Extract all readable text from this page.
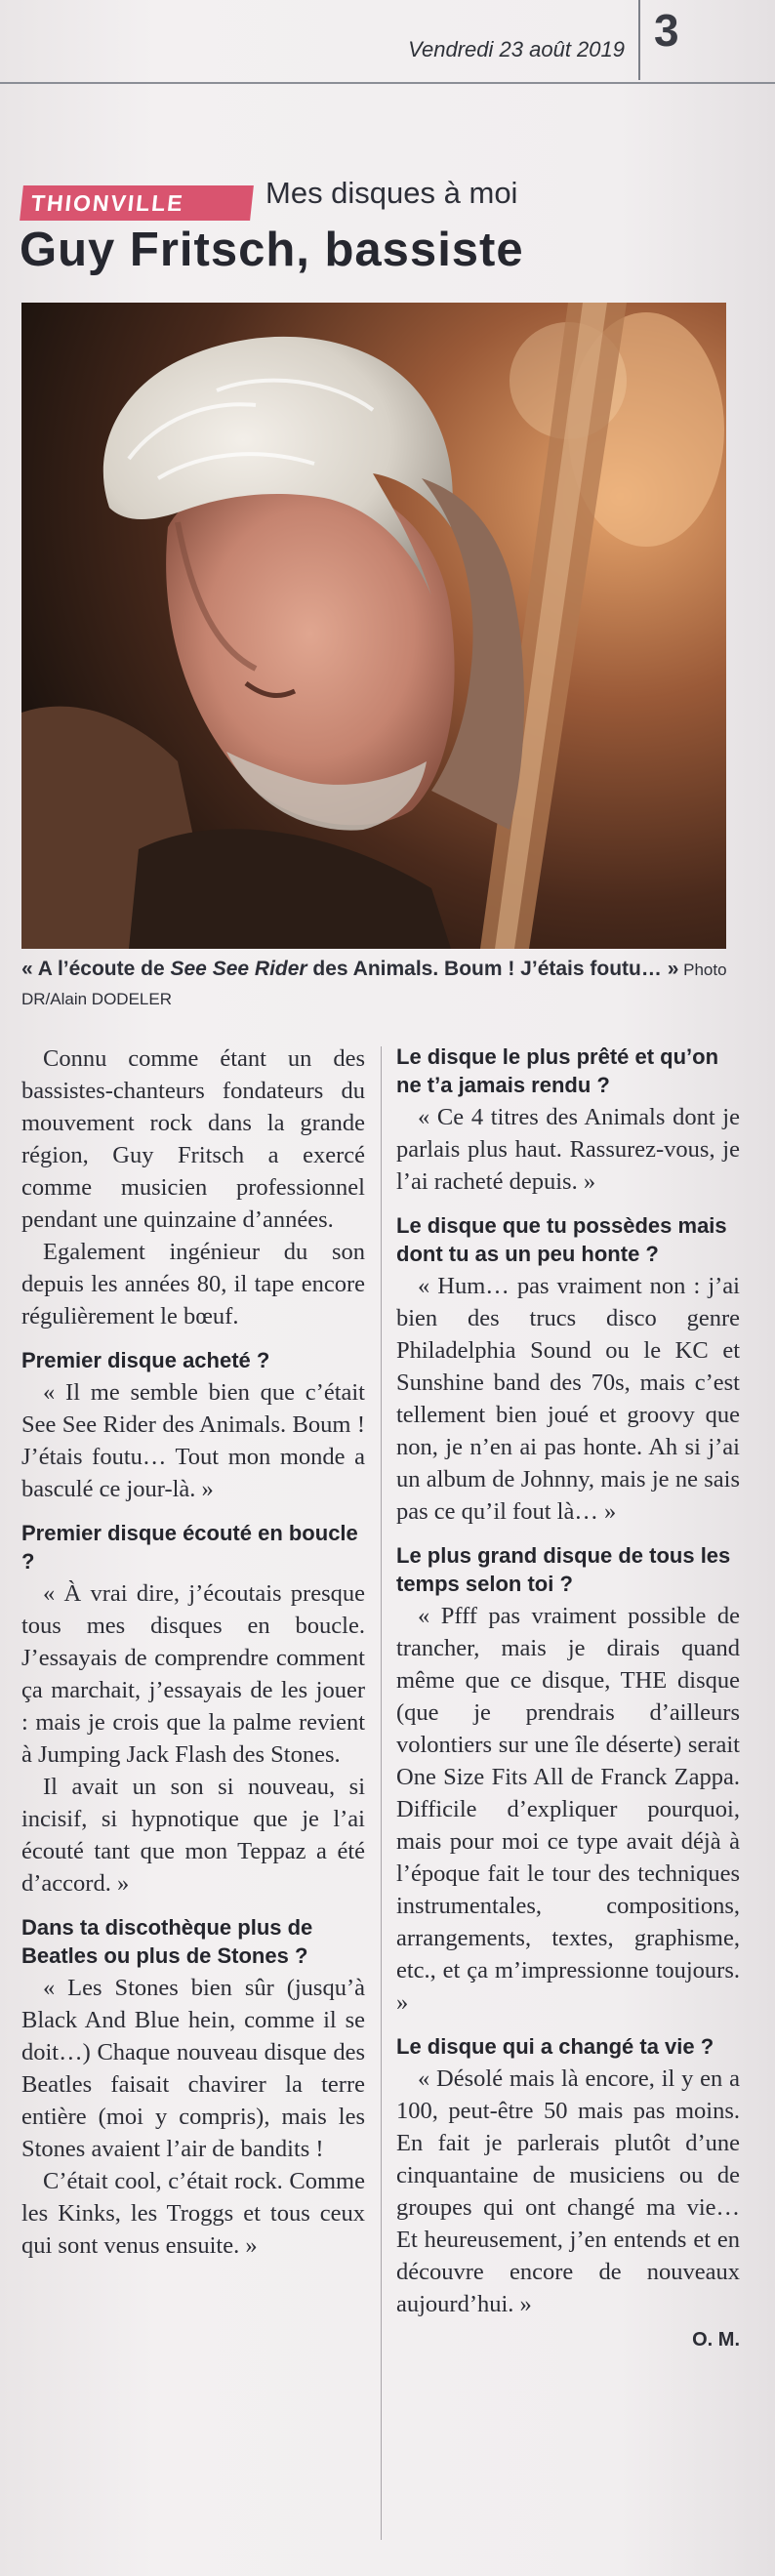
Vendredi 23 août 2019 3
THIONVILLE	Mes disques à moi
Guy Fritsch, bassiste
« A l’écoute de See See Rider des Animals. Boum ! J’étais foutu… » Photo DR/Alain DODELER

Connu comme étant un des bassistes-chanteurs fondateurs du mouvement rock dans la grande région, Guy Fritsch a exercé comme musicien professionnel pendant une quinzaine d’années.

Egalement ingénieur du son depuis les années 80, il tape encore régulièrement le bœuf.

Premier disque acheté ?

« Il me semble bien que c’était See See Rider des Animals. Boum ! J’étais foutu… Tout mon monde a basculé ce jour-là. »

Premier disque écouté en boucle ?

« À vrai dire, j’écoutais presque tous mes disques en boucle. J’essayais de comprendre comment ça marchait, j’essayais de les jouer : mais je crois que la palme revient à Jumping Jack Flash des Stones.

Il avait un son si nouveau, si incisif, si hypnotique que je l’ai écouté tant que mon Teppaz a été d’accord. »

Dans ta discothèque plus de Beatles ou plus de Stones ?

« Les Stones bien sûr (jusqu’à Black And Blue hein, comme il se doit…) Chaque nouveau disque des Beatles faisait chavirer la terre entière (moi y compris), mais les Stones avaient l’air de bandits !

C’était cool, c’était rock. Comme les Kinks, les Troggs et tous ceux qui sont venus ensuite. »

Le disque le plus prêté et qu’on ne t’a jamais rendu ?

« Ce 4 titres des Animals dont je parlais plus haut. Rassurez-vous, je l’ai racheté depuis. »

Le disque que tu possèdes mais dont tu as un peu honte ?

« Hum… pas vraiment non : j’ai bien des trucs disco genre Philadelphia Sound ou le KC et Sunshine band des 70s, mais c’est tellement bien joué et groovy que non, je n’en ai pas honte. Ah si j’ai un album de Johnny, mais je ne sais pas ce qu’il fout là… »

Le plus grand disque de tous les temps selon toi ?

« Pfff pas vraiment possible de trancher, mais je dirais quand même que ce disque, THE disque (que je prendrais d’ailleurs volontiers sur une île déserte) serait One Size Fits All de Franck Zappa. Difficile d’expliquer pourquoi, mais pour moi ce type avait déjà à l’époque fait le tour des techniques instrumentales, compositions, arrangements, textes, graphisme, etc., et ça m’impressionne toujours. »

Le disque qui a changé ta vie ?

« Désolé mais là encore, il y en a 100, peut-être 50 mais pas moins. En fait je parlerais plutôt d’une cinquantaine de musiciens ou de groupes qui ont changé ma vie… Et heureusement, j’en entends et en découvre encore de nouveaux aujourd’hui. »

O. M.
